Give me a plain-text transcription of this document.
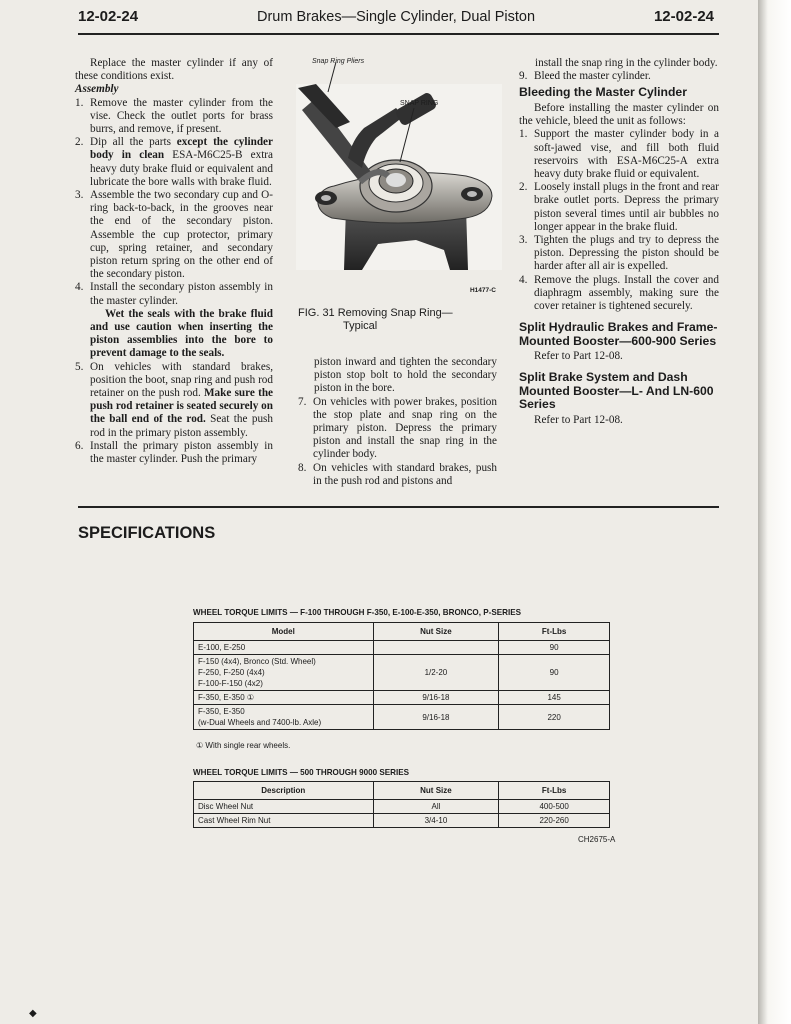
12-02-24	Drum Brakes—Single Cylinder, Dual Piston	12-02-24

Replace the master cylinder if any of these conditions exist.

Assembly

1. Remove the master cylinder from the vise. Check the outlet ports for brass burrs, and remove, if present.
2. Dip all the parts except the cylinder body in clean ESA-M6C25-B extra heavy duty brake fluid or equivalent and lubricate the bore walls with brake fluid.
3. Assemble the two secondary cup and O-ring back-to-back, in the grooves near the end of the secondary piston. Assemble the cup protector, primary cup, spring retainer, and secondary piston return spring on the other end of the secondary piston.
4. Install the secondary piston assembly in the master cylinder.

Wet the seals with the brake fluid and use caution when inserting the piston assemblies into the bore to prevent damage to the seals.

5. On vehicles with standard brakes, position the boot, snap ring and push rod retainer on the push rod. Make sure the push rod retainer is seated securely on the ball end of the rod. Seat the push rod in the primary piston assembly.
6. Install the primary piston assembly in the master cylinder. Push the primary
Snap Ring Pliers
SNAP RING
H1477-C
FIG. 31 Removing Snap Ring—
Typical

piston inward and tighten the secondary piston stop bolt to hold the secondary piston in the bore.

7. On vehicles with power brakes, position the stop plate and snap ring on the primary piston. Depress the primary piston and install the snap ring in the cylinder body.
8. On vehicles with standard brakes, push in the push rod and pistons and

install the snap ring in the cylinder body.

9. Bleed the master cylinder.
Bleeding the Master Cylinder

Before installing the master cylinder on the vehicle, bleed the unit as follows:

1. Support the master cylinder body in a soft-jawed vise, and fill both fluid reservoirs with ESA-M6C25-A extra heavy duty brake fluid or equivalent.
2. Loosely install plugs in the front and rear brake outlet ports. Depress the primary piston several times until air bubbles no longer appear in the brake fluid.
3. Tighten the plugs and try to depress the piston. Depressing the piston should be harder after all air is expelled.
4. Remove the plugs. Install the cover and diaphragm assembly, making sure the cover retainer is tightened securely.
Split Hydraulic Brakes and Frame-Mounted Booster—600-900 Series

Refer to Part 12-08.

Split Brake System and Dash Mounted Booster—L- And LN-600 Series

Refer to Part 12-08.

SPECIFICATIONS
WHEEL TORQUE LIMITS — F-100 THROUGH F-350, E-100-E-350, BRONCO, P-SERIES
Model	Nut Size	Ft-Lbs
E-100, E-250		90

F-150 (4x4), Bronco (Std. Wheel)
F-250, F-250 (4x4)
F-100-F-150 (4x2)	1/2-20	90
F-350, E-350 ①	9/16-18	145

F-350, E-350
(w-Dual Wheels and 7400-lb. Axle)	9/16-18	220
① With single rear wheels.
WHEEL TORQUE LIMITS — 500 THROUGH 9000 SERIES
Description	Nut Size	Ft-Lbs
Disc Wheel Nut	All	400-500
Cast Wheel Rim Nut	3/4-10	220-260
CH2675-A
◆
